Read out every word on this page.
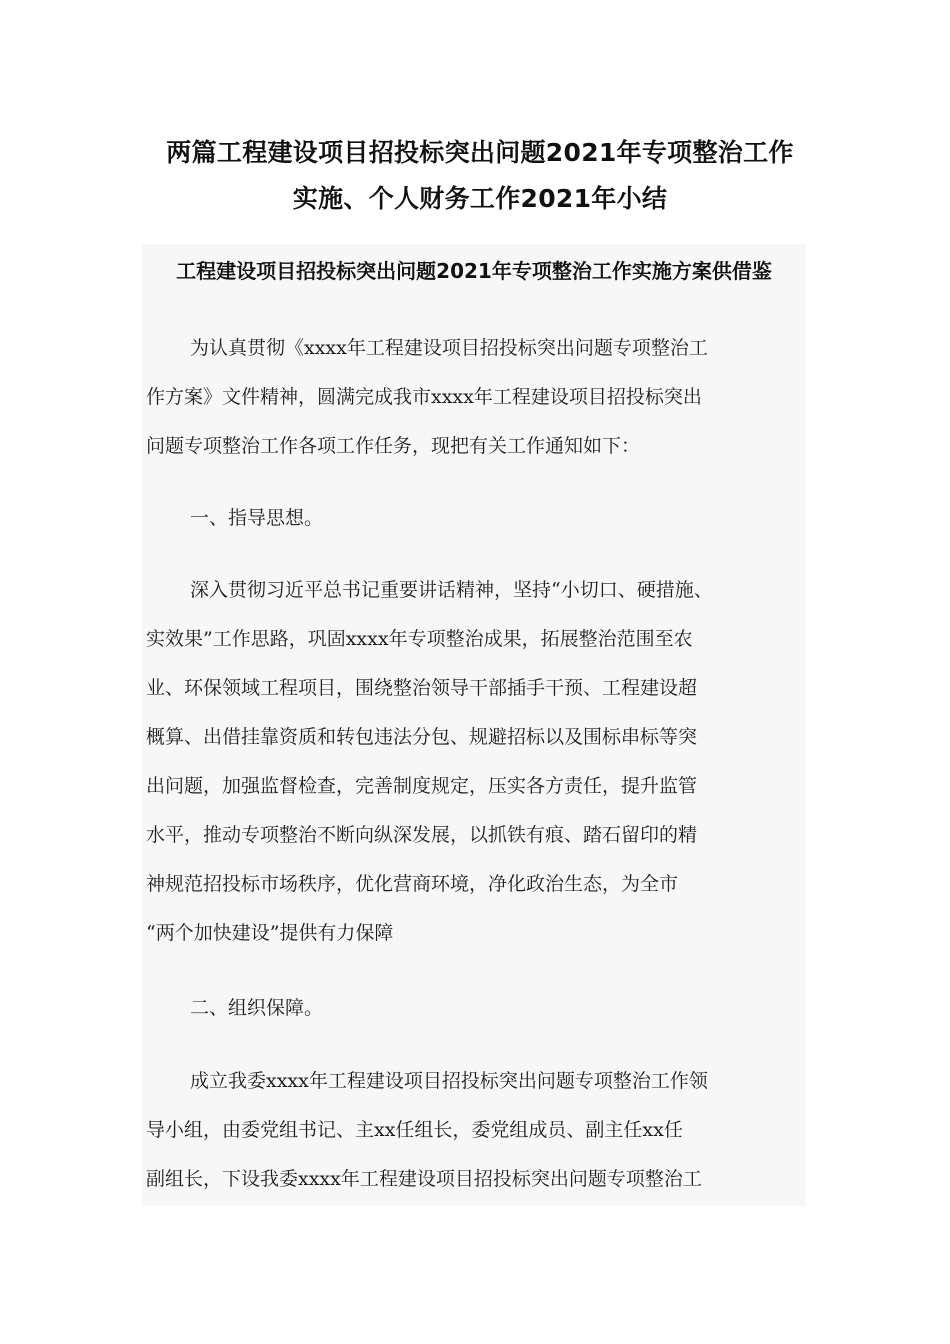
两篇工程建设项目招投标突出问题2021年专项整治工作
实施、个人财务工作2021年小结
工程建设项目招投标突出问题2021年专项整治工作实施方案供借鉴

为认真贯彻《xxxx年工程建设项目招投标突出问题专项整治工
作方案》文件精神，圆满完成我市xxxx年工程建设项目招投标突出
问题专项整治工作各项工作任务，现把有关工作通知如下：

一、指导思想。

深入贯彻习近平总书记重要讲话精神，坚持“小切口、硬措施、
实效果”工作思路，巩固xxxx年专项整治成果，拓展整治范围至农
业、环保领域工程项目，围绕整治领导干部插手干预、工程建设超
概算、出借挂靠资质和转包违法分包、规避招标以及围标串标等突
出问题，加强监督检查，完善制度规定，压实各方责任，提升监管
水平，推动专项整治不断向纵深发展，以抓铁有痕、踏石留印的精
神规范招投标市场秩序，优化营商环境，净化政治生态，为全市
“两个加快建设”提供有力保障

二、组织保障。

成立我委xxxx年工程建设项目招投标突出问题专项整治工作领
导小组，由委党组书记、主xx任组长，委党组成员、副主任xx任
副组长，下设我委xxxx年工程建设项目招投标突出问题专项整治工
